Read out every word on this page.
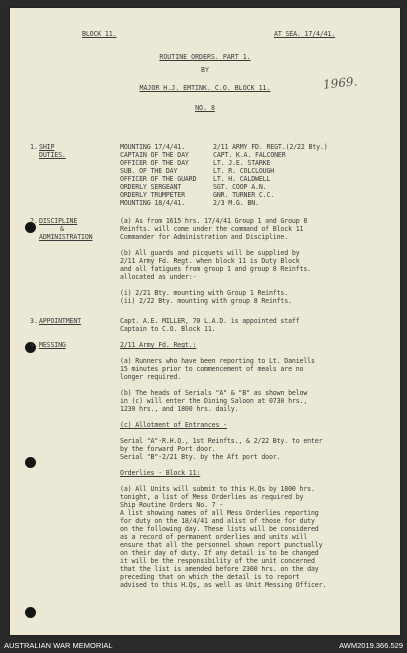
BLOCK 11.	AT SEA. 17/4/41.
ROUTINE ORDERS. PART 1.
BY
MAJOR H.J. EMTINK. C.O. BLOCK 11.
NO. 8
1969.
1. SHIP
DUTIES.
MOUNTING 17/4/41.	2/11 ARMY FD. REGT.(2/22 Bty.)
CAPTAIN OF THE DAY	CAPT. K.A. FALCONER
OFFICER OF THE DAY	LT. J.E. STARKE
SUB. OF THE DAY	LT. R. COLCLOUGH
OFFICER OF THE GUARD	LT. H. CALDWELL
ORDERLY SERGEANT	SGT. COOP A.N.
ORDERLY TRUMPETER	GNR. TURNER C.C.
MOUNTING 18/4/41.	2/3 M.G. BN.
2. DISCIPLINE
&
ADMINISTRATION
(a) As from 1615 hrs. 17/4/41 Group 1 and Group 8
Reinfts. will come under the command of Block 11
Commander for Administration and Discipline.
(b) All guards and picquets will be supplied by
2/11 Army Fd. Regt. when block 11 is Duty Block
and all fatigues from group 1 and group 8 Reinfts.
allocated as under:-
(i) 2/21 Bty. mounting with Group 1 Reinfts.
(ii) 2/22 Bty. mounting with group 8 Reinfts.
3. APPOINTMENT	Capt. A.E. MILLER, 70 L.A.D. is appointed staff
Captain to C.O. Block 11.
4. MESSING	2/11 Army Fd. Regt.:
(a) Runners who have been reporting to Lt. Daniells
15 minutes prior to commencement of meals are no
longer required.
(b) The heads of Serials "A" & "B" as shown below
in (c) will enter the Dining Saloon at 0730 hrs.,
1230 hrs., and 1800 hrs. daily.
(c) Allotment of Entrances -
Serial "A"-R.H.Q., 1st Reinfts., & 2/22 Bty. to enter
by the forward Port door.
Serial "B"-2/21 Bty. by the Aft port door.
Orderlies - Block 11:
(a) All Units will submit to this H.Qs by 1800 hrs.
tonight, a list of Mess Orderlies as required by
Ship Routine Orders No. 7 -
A list showing names of all Mess Orderlies reporting
for duty on the 18/4/41 and alist of those for duty
on the following day. These lists will be considered
as a record of permanent orderlies and units will
ensure that all the personnel shown report punctually
on their day of duty. If any detail is to be changed
it will be the responsibility of the unit concerned
that the list is amended before 2300 hrs. on the day
preceding that on which the detail is to report
advised to this H.Qs, as well as Unit Messing Officer.
AUSTRALIAN WAR MEMORIAL	AWM2019.366.529
